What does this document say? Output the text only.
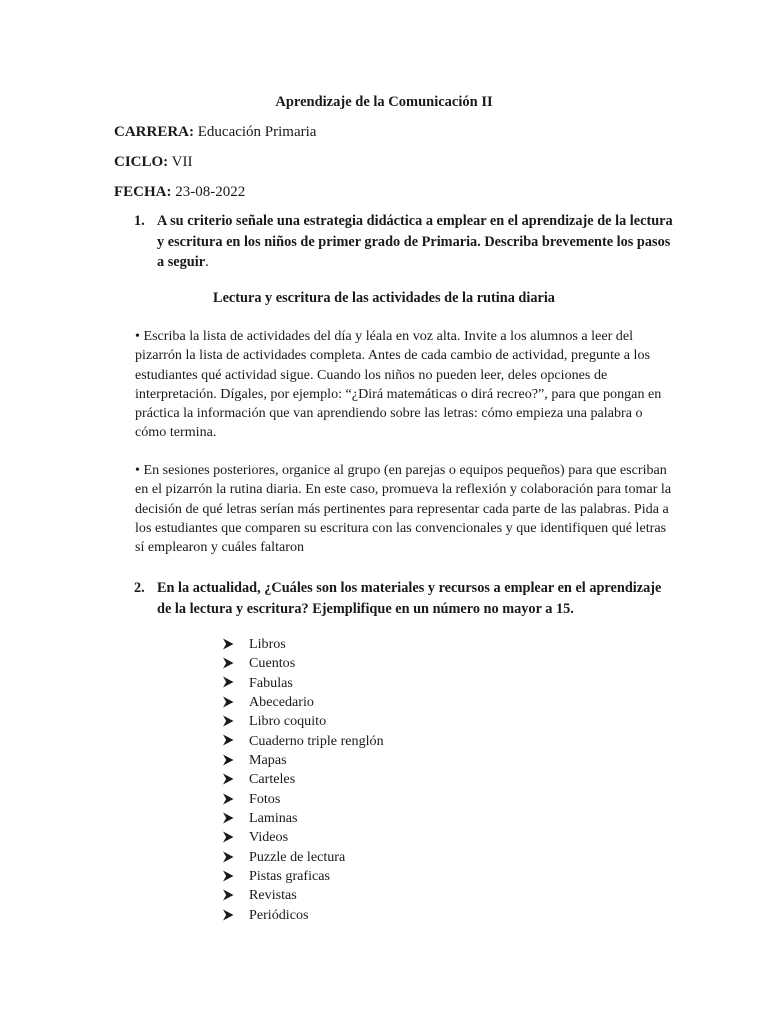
Aprendizaje de la Comunicación II
CARRERA: Educación Primaria
CICLO: VII
FECHA: 23-08-2022
1. A su criterio señale una estrategia didáctica a emplear en el aprendizaje de la lectura y escritura en los niños de primer grado de Primaria. Describa brevemente los pasos a seguir.
Lectura y escritura de las actividades de la rutina diaria
• Escriba la lista de actividades del día y léala en voz alta. Invite a los alumnos a leer del pizarrón la lista de actividades completa. Antes de cada cambio de actividad, pregunte a los estudiantes qué actividad sigue. Cuando los niños no pueden leer, deles opciones de interpretación. Dígales, por ejemplo: “¿Dirá matemáticas o dirá recreo?”, para que pongan en práctica la información que van aprendiendo sobre las letras: cómo empieza una palabra o cómo termina.
• En sesiones posteriores, organice al grupo (en parejas o equipos pequeños) para que escriban en el pizarrón la rutina diaria. En este caso, promueva la reflexión y colaboración para tomar la decisión de qué letras serían más pertinentes para representar cada parte de las palabras. Pida a los estudiantes que comparen su escritura con las convencionales y que identifiquen qué letras sí emplearon y cuáles faltaron
2. En la actualidad, ¿Cuáles son los materiales y recursos a emplear en el aprendizaje de la lectura y escritura? Ejemplifique en un número no mayor a 15.
Libros
Cuentos
Fabulas
Abecedario
Libro coquito
Cuaderno triple renglón
Mapas
Carteles
Fotos
Laminas
Videos
Puzzle de lectura
Pistas graficas
Revistas
Periódicos
